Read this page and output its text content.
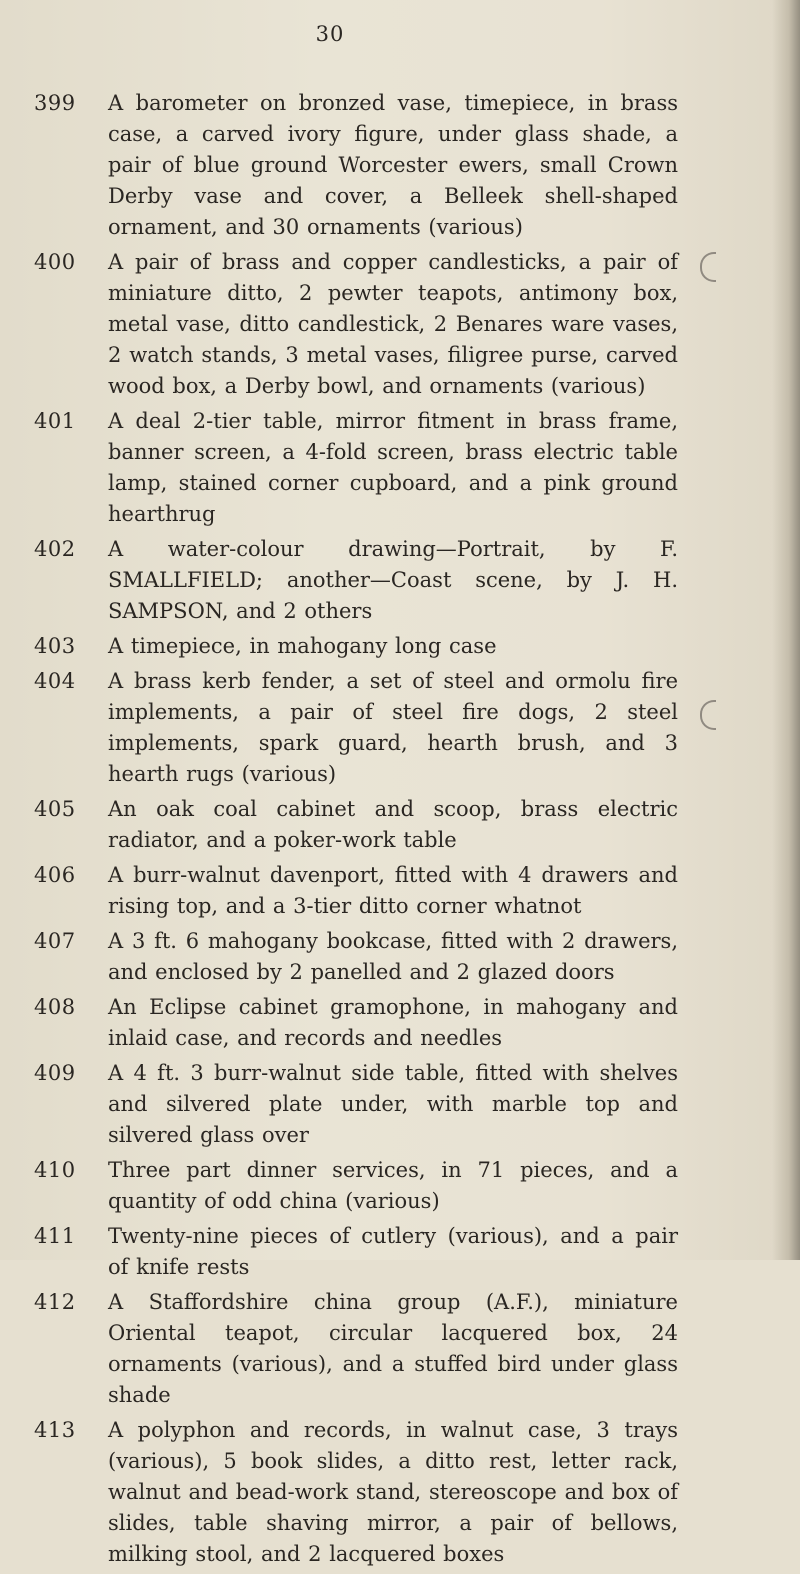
30
399	A barometer on bronzed vase, timepiece, in brass case, a carved ivory figure, under glass shade, a pair of blue ground Worcester ewers, small Crown Derby vase and cover, a Belleek shell-shaped ornament, and 30 ornaments (various)
400	A pair of brass and copper candlesticks, a pair of miniature ditto, 2 pewter teapots, antimony box, metal vase, ditto candlestick, 2 Benares ware vases, 2 watch stands, 3 metal vases, filigree purse, carved wood box, a Derby bowl, and ornaments (various)
401	A deal 2-tier table, mirror fitment in brass frame, banner screen, a 4-fold screen, brass electric table lamp, stained corner cupboard, and a pink ground hearthrug
402	A water-colour drawing—Portrait, by F. SMALLFIELD; another—Coast scene, by J. H. SAMPSON, and 2 others
403	A timepiece, in mahogany long case
404	A brass kerb fender, a set of steel and ormolu fire implements, a pair of steel fire dogs, 2 steel implements, spark guard, hearth brush, and 3 hearth rugs (various)
405	An oak coal cabinet and scoop, brass electric radiator, and a poker-work table
406	A burr-walnut davenport, fitted with 4 drawers and rising top, and a 3-tier ditto corner whatnot
407	A 3 ft. 6 mahogany bookcase, fitted with 2 drawers, and enclosed by 2 panelled and 2 glazed doors
408	An Eclipse cabinet gramophone, in mahogany and inlaid case, and records and needles
409	A 4 ft. 3 burr-walnut side table, fitted with shelves and silvered plate under, with marble top and silvered glass over
410	Three part dinner services, in 71 pieces, and a quantity of odd china (various)
411	Twenty-nine pieces of cutlery (various), and a pair of knife rests
412	A Staffordshire china group (A.F.), miniature Oriental teapot, circular lacquered box, 24 ornaments (various), and a stuffed bird under glass shade
413	A polyphon and records, in walnut case, 3 trays (various), 5 book slides, a ditto rest, letter rack, walnut and bead-work stand, stereoscope and box of slides, table shaving mirror, a pair of bellows, milking stool, and 2 lacquered boxes
